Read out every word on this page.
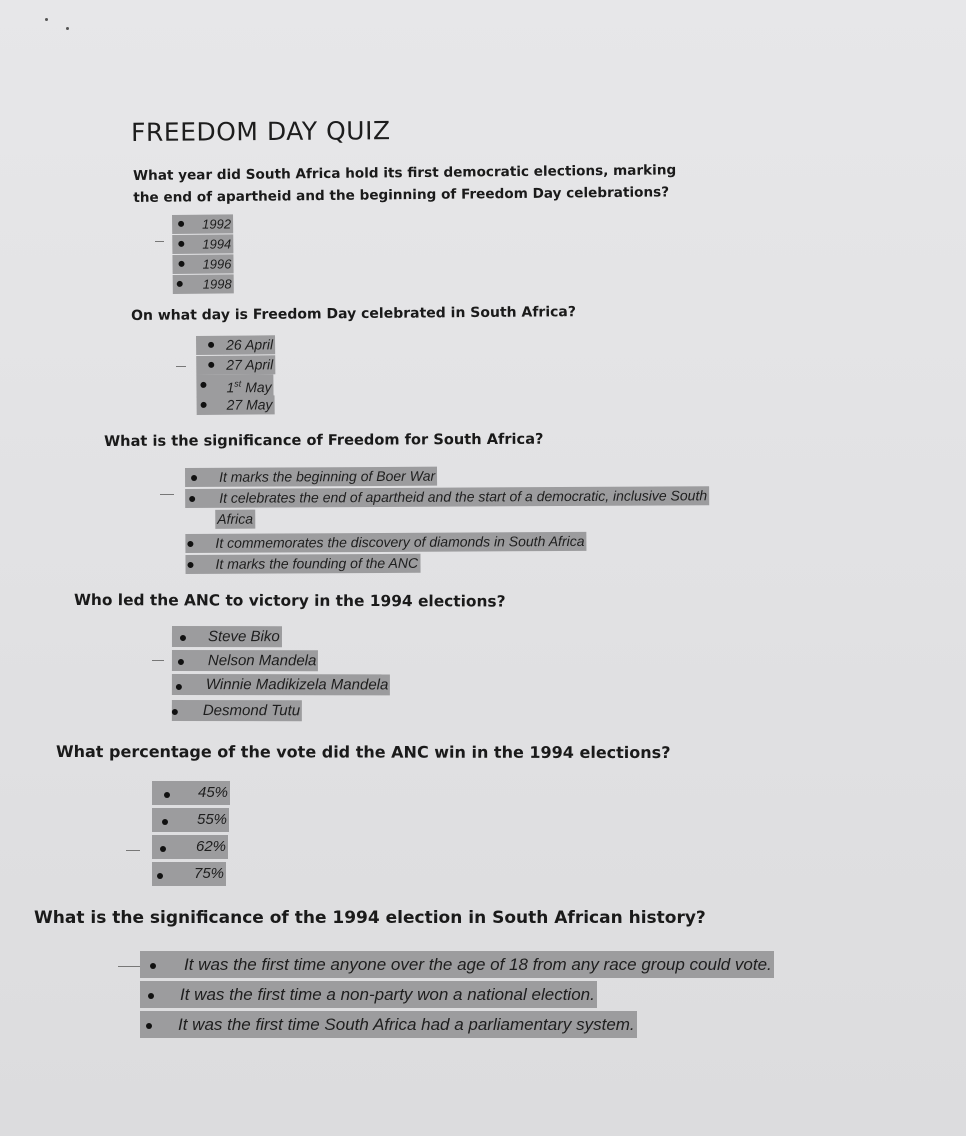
FREEDOM DAY QUIZ
What year did South Africa hold its first democratic elections, marking
the end of apartheid and the beginning of Freedom Day celebrations?
1992
1994
1996
1998
On what day is Freedom Day celebrated in South Africa?
26 April
27 April
1st May
27 May
What is the significance of Freedom for South Africa?
It marks the beginning of Boer War
It celebrates the end of apartheid and the start of a democratic, inclusive South
Africa
It commemorates the discovery of diamonds in South Africa
It marks the founding of the ANC
Who led the ANC to victory in the 1994 elections?
Steve Biko
Nelson Mandela
Winnie Madikizela Mandela
Desmond Tutu
What percentage of the vote did the ANC win in the 1994 elections?
45%
55%
62%
75%
What is the significance of the 1994 election in South African history?
It was the first time anyone over the age of 18 from any race group could vote.
It was the first time a non-party won a national election.
It was the first time South Africa had a parliamentary system.
